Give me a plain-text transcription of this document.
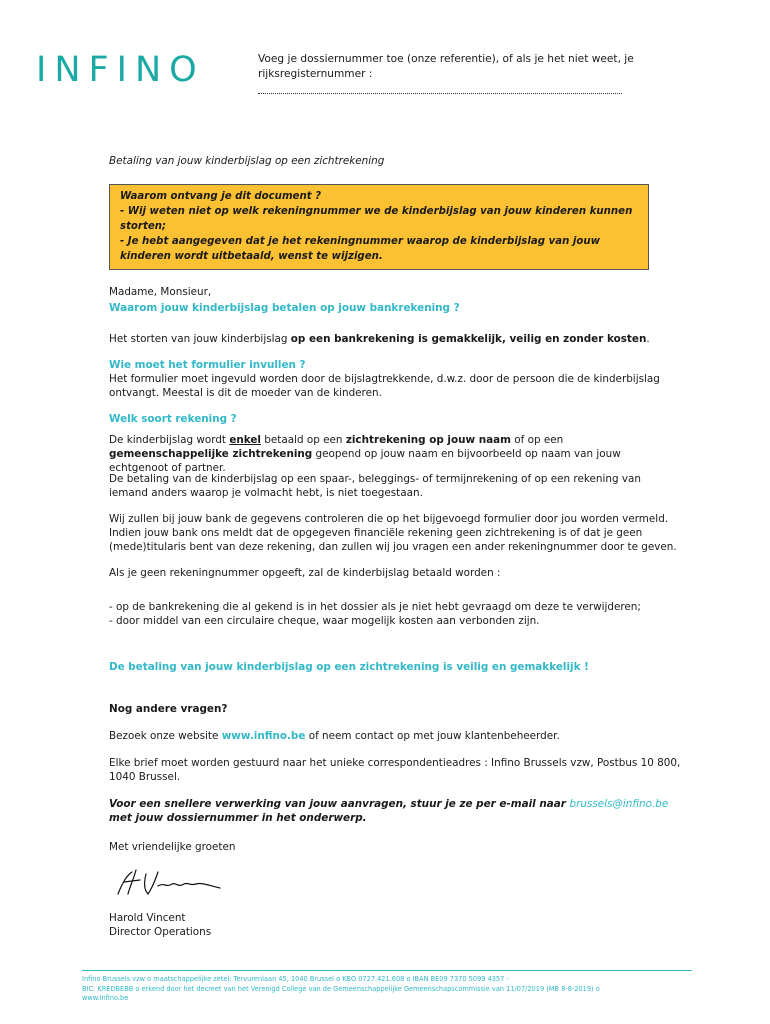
INFINO	Voeg je dossiernummer toe (onze referentie), of als je het niet weet, je rijksregisternummer :
Betaling van jouw kinderbijslag op een zichtrekening
Waarom ontvang je dit document ?
- Wij weten niet op welk rekeningnummer we de kinderbijslag van jouw kinderen kunnen storten;
- Je hebt aangegeven dat je het rekeningnummer waarop de kinderbijslag van jouw kinderen wordt uitbetaald, wenst te wijzigen.
Madame, Monsieur,
Waarom jouw kinderbijslag betalen op jouw bankrekening ?
Het storten van jouw kinderbijslag op een bankrekening is gemakkelijk, veilig en zonder kosten.
Wie moet het formulier invullen ?
Het formulier moet ingevuld worden door de bijslagtrekkende, d.w.z. door de persoon die de kinderbijslag ontvangt. Meestal is dit de moeder van de kinderen.
Welk soort rekening ?
De kinderbijslag wordt enkel betaald op een zichtrekening op jouw naam of op een gemeenschappelijke zichtrekening geopend op jouw naam en bijvoorbeeld op naam van jouw echtgenoot of partner.
De betaling van de kinderbijslag op een spaar-, beleggings- of termijnrekening of op een rekening van iemand anders waarop je volmacht hebt, is niet toegestaan.
Wij zullen bij jouw bank de gegevens controleren die op het bijgevoegd formulier door jou worden vermeld. Indien jouw bank ons meldt dat de opgegeven financiële rekening geen zichtrekening is of dat je geen (mede)titularis bent van deze rekening, dan zullen wij jou vragen een ander rekeningnummer door te geven.
Als je geen rekeningnummer opgeeft, zal de kinderbijslag betaald worden :
- op de bankrekening die al gekend is in het dossier als je niet hebt gevraagd om deze te verwijderen;
- door middel van een circulaire cheque, waar mogelijk kosten aan verbonden zijn.
De betaling van jouw kinderbijslag op een zichtrekening is veilig en gemakkelijk !
Nog andere vragen?
Bezoek onze website www.infino.be of neem contact op met jouw klantenbeheerder.
Elke brief moet worden gestuurd naar het unieke correspondentieadres : Infino Brussels vzw, Postbus 10 800, 1040 Brussel.
Voor een snellere verwerking van jouw aanvragen, stuur je ze per e-mail naar brussels@infino.be met jouw dossiernummer in het onderwerp.
Met vriendelijke groeten
Harold Vincent
Director Operations
Infino Brussels vzw o maatschappelijke zetel: Tervurenlaan 45, 1040 Brussel o KBO 0727.421.608 o IBAN BE09 7370 5099 4357 -
BIC: KREDBEBB o erkend door het decreet van het Verenigd College van de Gemeenschappelijke Gemeenschapscommissie van 11/07/2019 (MB 8-8-2019) o
www.infino.be
